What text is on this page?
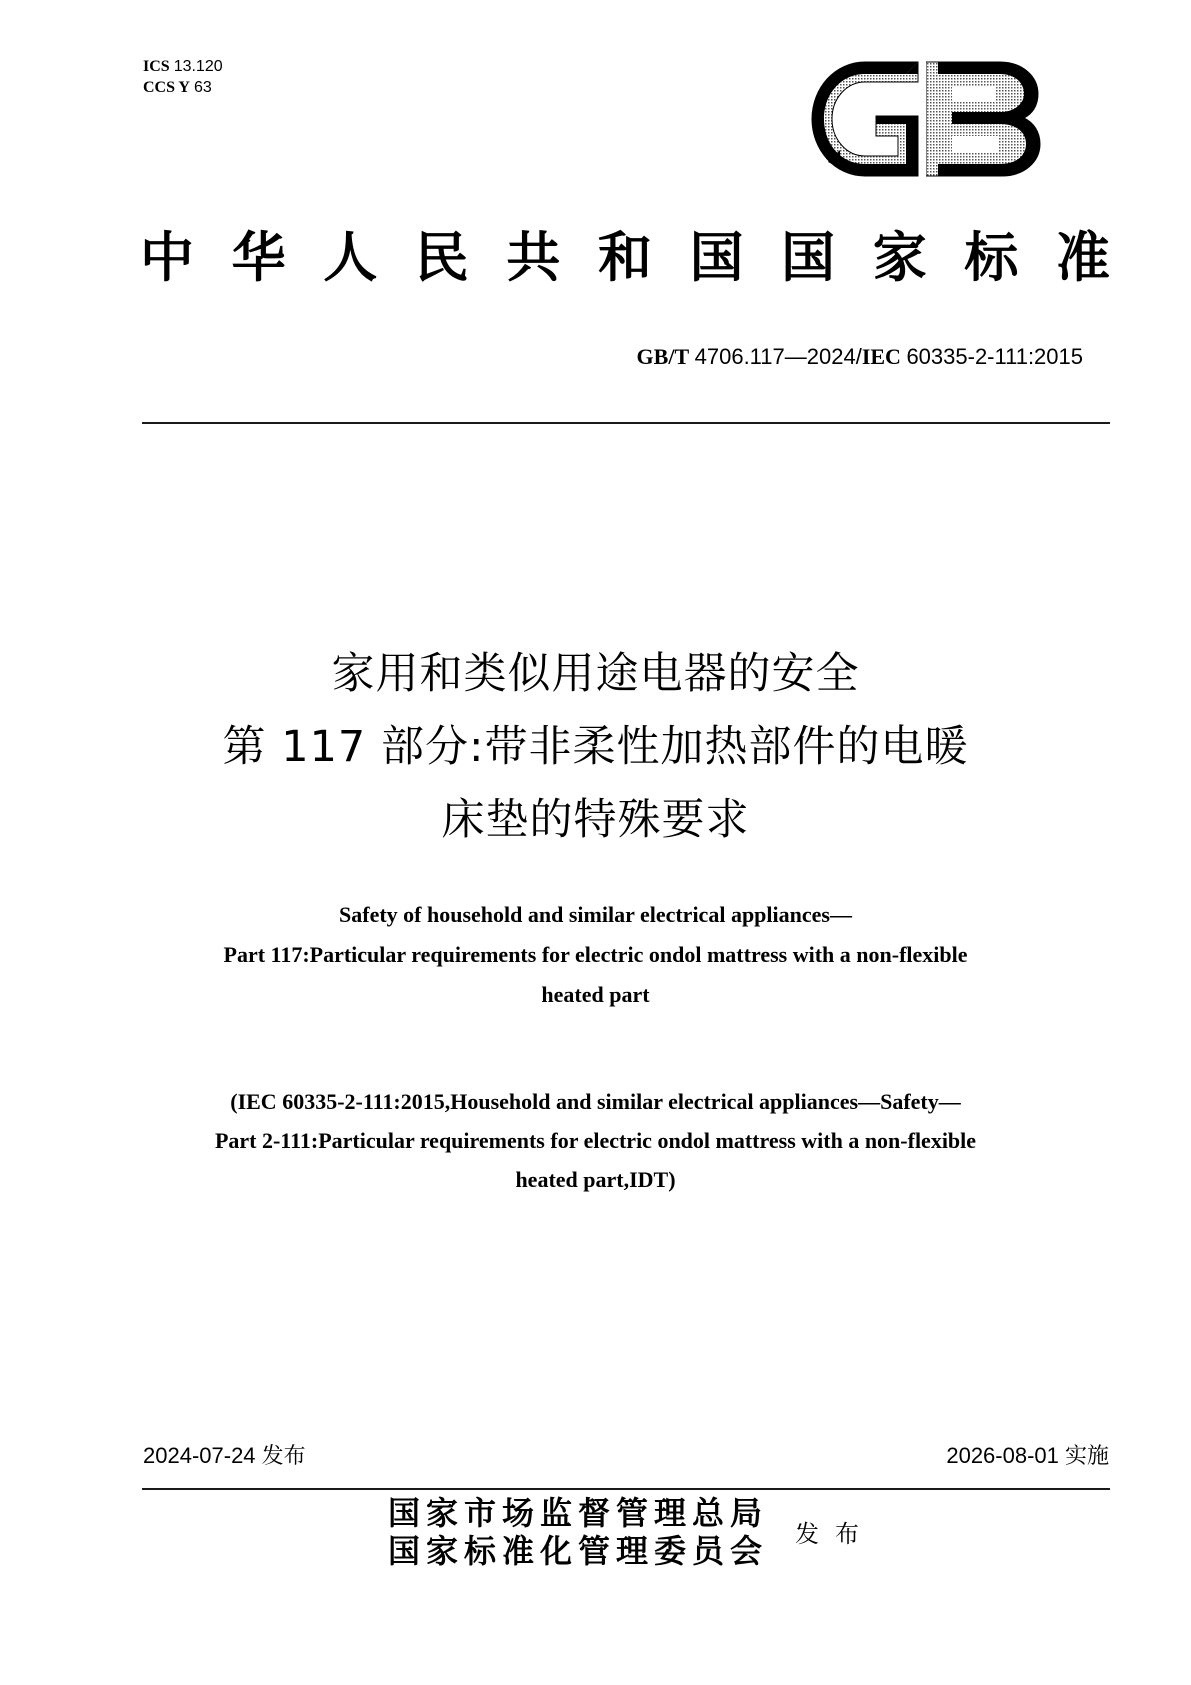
ICS 13.120
CCS Y 63
中 华 人 民 共 和 国 国 家 标 准
GB/T 4706.117—2024/IEC 60335-2-111:2015
家用和类似用途电器的安全
第 117 部分:带非柔性加热部件的电暖
床垫的特殊要求
Safety of household and similar electrical appliances—
Part 117:Particular requirements for electric ondol mattress with a non-flexible
heated part
(IEC 60335-2-111:2015,Household and similar electrical appliances—Safety—
Part 2-111:Particular requirements for electric ondol mattress with a non-flexible
heated part,IDT)
2024-07-24 发布	2026-08-01 实施
国家市场监督管理总局
国家标准化管理委员会 发布
